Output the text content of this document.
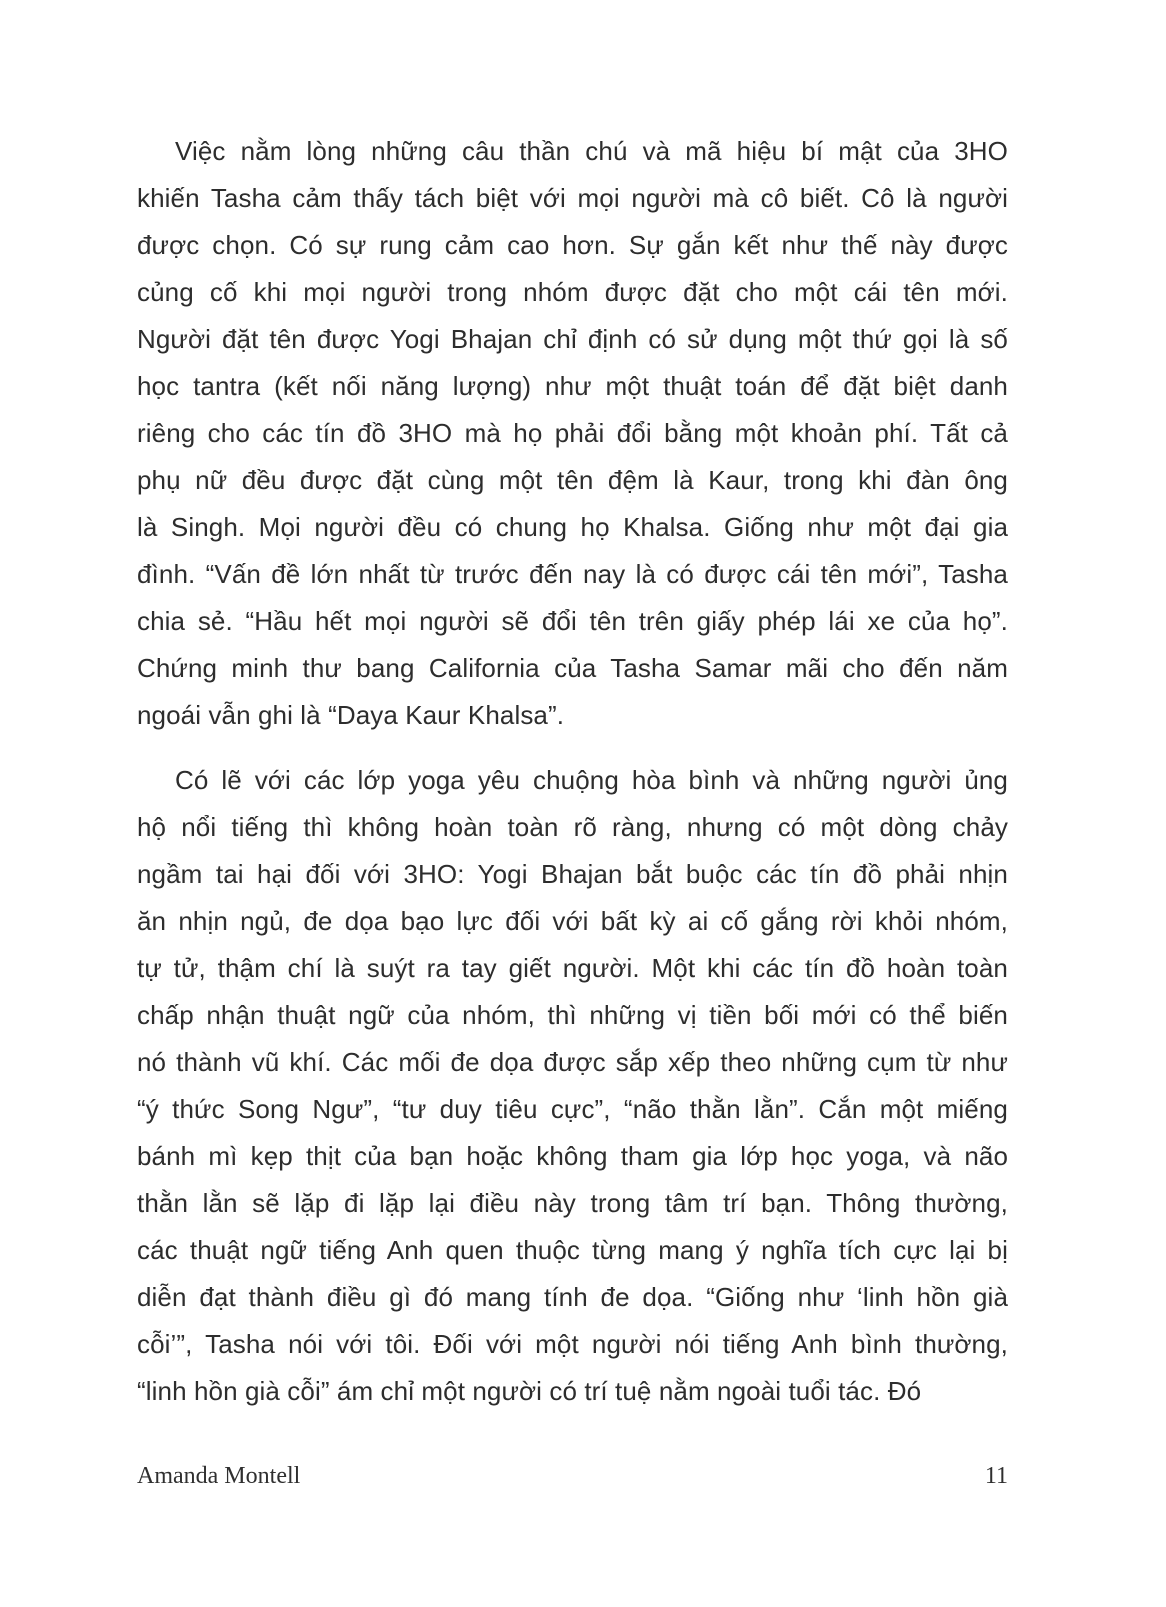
Việc nằm lòng những câu thần chú và mã hiệu bí mật của 3HO
khiến Tasha cảm thấy tách biệt với mọi người mà cô biết. Cô là người
được chọn. Có sự rung cảm cao hơn. Sự gắn kết như thế này được
củng cố khi mọi người trong nhóm được đặt cho một cái tên mới.
Người đặt tên được Yogi Bhajan chỉ định có sử dụng một thứ gọi là số
học tantra (kết nối năng lượng) như một thuật toán để đặt biệt danh
riêng cho các tín đồ 3HO mà họ phải đổi bằng một khoản phí. Tất cả
phụ nữ đều được đặt cùng một tên đệm là Kaur, trong khi đàn ông
là Singh. Mọi người đều có chung họ Khalsa. Giống như một đại gia
đình. “Vấn đề lớn nhất từ trước đến nay là có được cái tên mới”, Tasha
chia sẻ. “Hầu hết mọi người sẽ đổi tên trên giấy phép lái xe của họ”.
Chứng minh thư bang California của Tasha Samar mãi cho đến năm
ngoái vẫn ghi là “Daya Kaur Khalsa”.
Có lẽ với các lớp yoga yêu chuộng hòa bình và những người ủng
hộ nổi tiếng thì không hoàn toàn rõ ràng, nhưng có một dòng chảy
ngầm tai hại đối với 3HO: Yogi Bhajan bắt buộc các tín đồ phải nhịn
ăn nhịn ngủ, đe dọa bạo lực đối với bất kỳ ai cố gắng rời khỏi nhóm,
tự tử, thậm chí là suýt ra tay giết người. Một khi các tín đồ hoàn toàn
chấp nhận thuật ngữ của nhóm, thì những vị tiền bối mới có thể biến
nó thành vũ khí. Các mối đe dọa được sắp xếp theo những cụm từ như
“ý thức Song Ngư”, “tư duy tiêu cực”, “não thằn lằn”. Cắn một miếng
bánh mì kẹp thịt của bạn hoặc không tham gia lớp học yoga, và não
thằn lằn sẽ lặp đi lặp lại điều này trong tâm trí bạn. Thông thường,
các thuật ngữ tiếng Anh quen thuộc từng mang ý nghĩa tích cực lại bị
diễn đạt thành điều gì đó mang tính đe dọa. “Giống như ‘linh hồn già
cỗi’”, Tasha nói với tôi. Đối với một người nói tiếng Anh bình thường,
“linh hồn già cỗi” ám chỉ một người có trí tuệ nằm ngoài tuổi tác. Đó
Amanda Montell	11
